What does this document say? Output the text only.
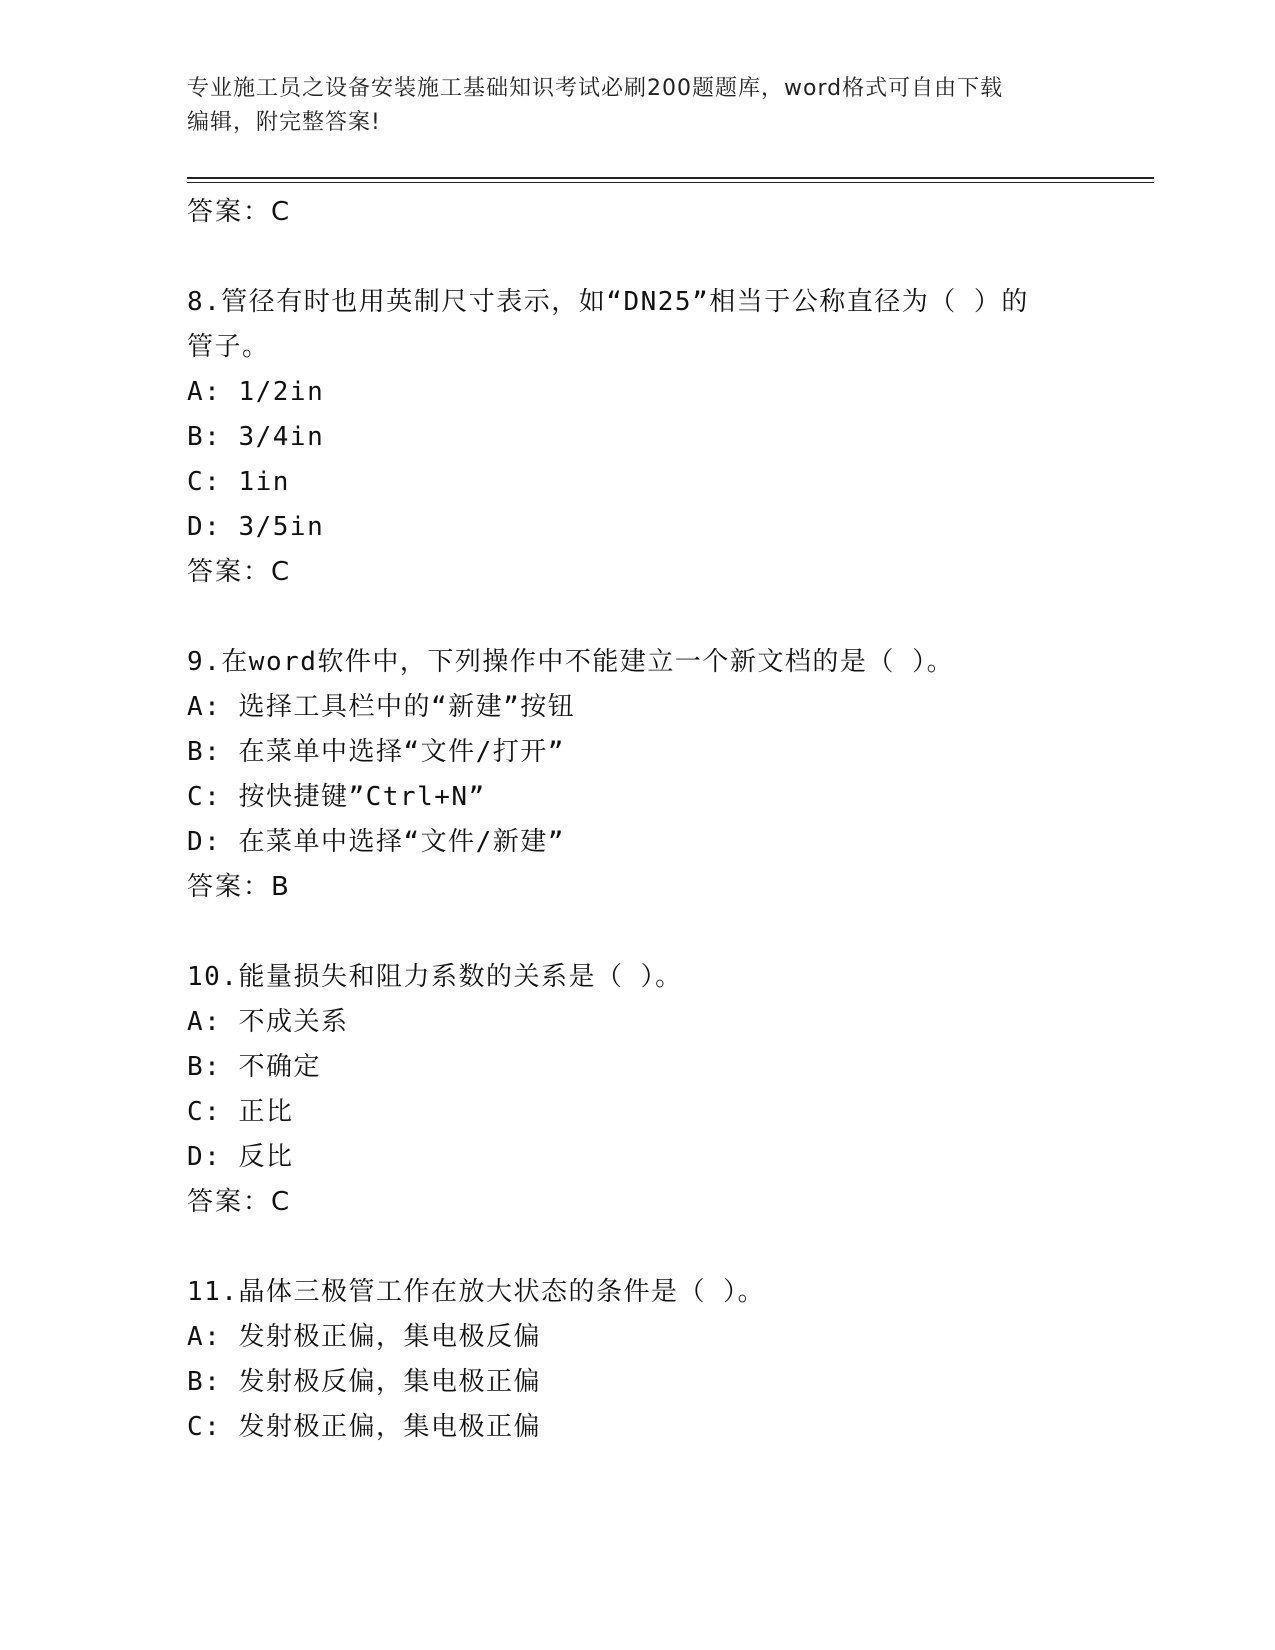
专业施工员之设备安装施工基础知识考试必刷200题题库，word格式可自由下载
编辑，附完整答案!
答案：C
8.管径有时也用英制尺寸表示，如“DN25”相当于公称直径为（ ）的
管子。
A: 1/2in
B: 3/4in
C: 1in
D: 3/5in
答案：C
9.在word软件中，下列操作中不能建立一个新文档的是（ ）。
A: 选择工具栏中的“新建”按钮
B: 在菜单中选择“文件/打开”
C: 按快捷键”Ctrl+N”
D: 在菜单中选择“文件/新建”
答案：B
10.能量损失和阻力系数的关系是（ ）。
A: 不成关系
B: 不确定
C: 正比
D: 反比
答案：C
11.晶体三极管工作在放大状态的条件是（ ）。
A: 发射极正偏，集电极反偏
B: 发射极反偏，集电极正偏
C: 发射极正偏，集电极正偏
